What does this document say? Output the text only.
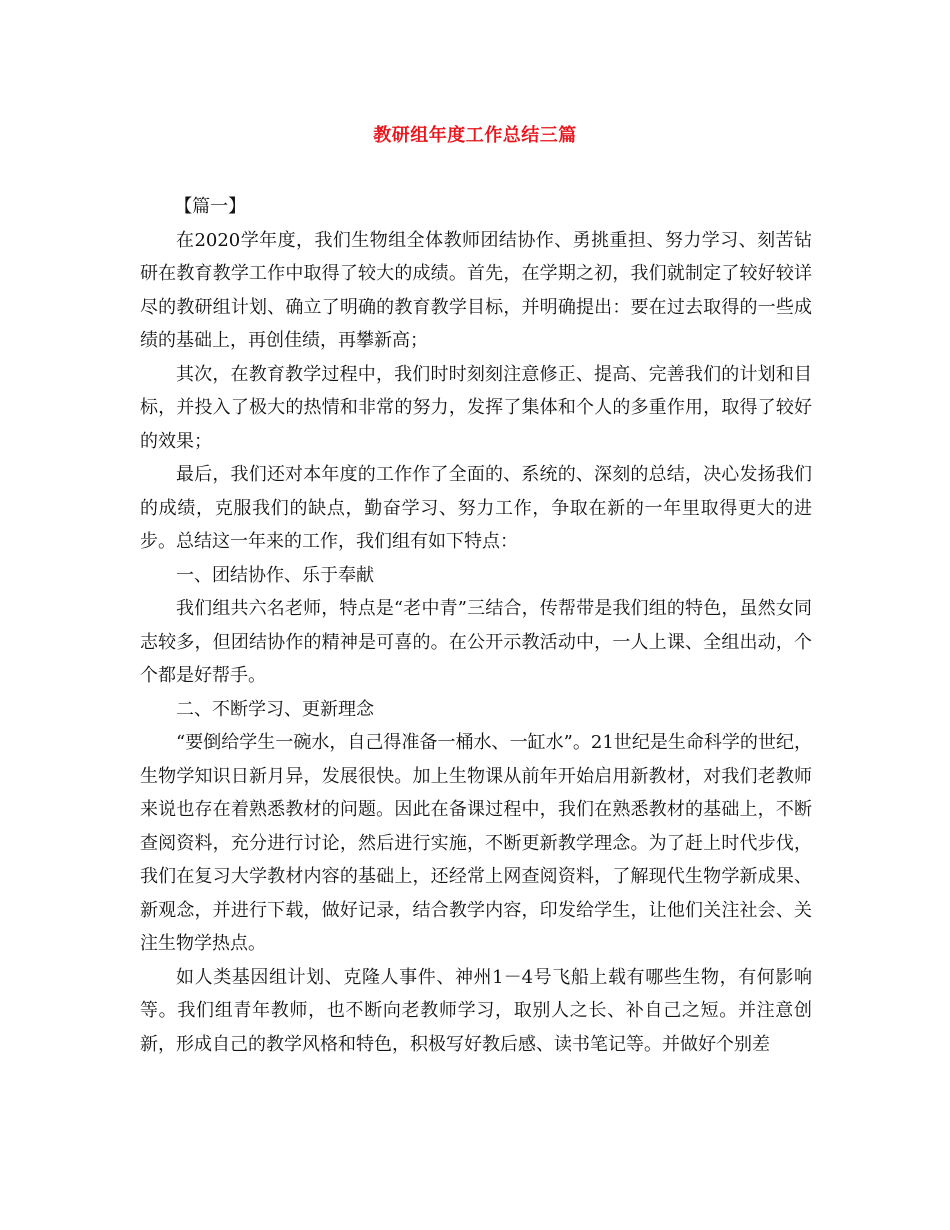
教研组年度工作总结三篇

【篇一】

在2020学年度，我们生物组全体教师团结协作、勇挑重担、努力学习、刻苦钻研在教育教学工作中取得了较大的成绩。首先，在学期之初，我们就制定了较好较详尽的教研组计划、确立了明确的教育教学目标，并明确提出：要在过去取得的一些成绩的基础上，再创佳绩，再攀新高；

其次，在教育教学过程中，我们时时刻刻注意修正、提高、完善我们的计划和目标，并投入了极大的热情和非常的努力，发挥了集体和个人的多重作用，取得了较好的效果；

最后，我们还对本年度的工作作了全面的、系统的、深刻的总结，决心发扬我们的成绩，克服我们的缺点，勤奋学习、努力工作，争取在新的一年里取得更大的进步。总结这一年来的工作，我们组有如下特点：

一、团结协作、乐于奉献

我们组共六名老师，特点是“老中青”三结合，传帮带是我们组的特色，虽然女同志较多，但团结协作的精神是可喜的。在公开示教活动中，一人上课、全组出动，个个都是好帮手。

二、不断学习、更新理念

“要倒给学生一碗水，自己得准备一桶水、一缸水”。21世纪是生命科学的世纪，生物学知识日新月异，发展很快。加上生物课从前年开始启用新教材，对我们老教师来说也存在着熟悉教材的问题。因此在备课过程中，我们在熟悉教材的基础上，不断查阅资料，充分进行讨论，然后进行实施，不断更新教学理念。为了赶上时代步伐，我们在复习大学教材内容的基础上，还经常上网查阅资料，了解现代生物学新成果、新观念，并进行下载，做好记录，结合教学内容，印发给学生，让他们关注社会、关注生物学热点。

如人类基因组计划、克隆人事件、神州1－4号飞船上载有哪些生物，有何影响等。我们组青年教师，也不断向老教师学习，取别人之长、补自己之短。并注意创新，形成自己的教学风格和特色，积极写好教后感、读书笔记等。并做好个别差
